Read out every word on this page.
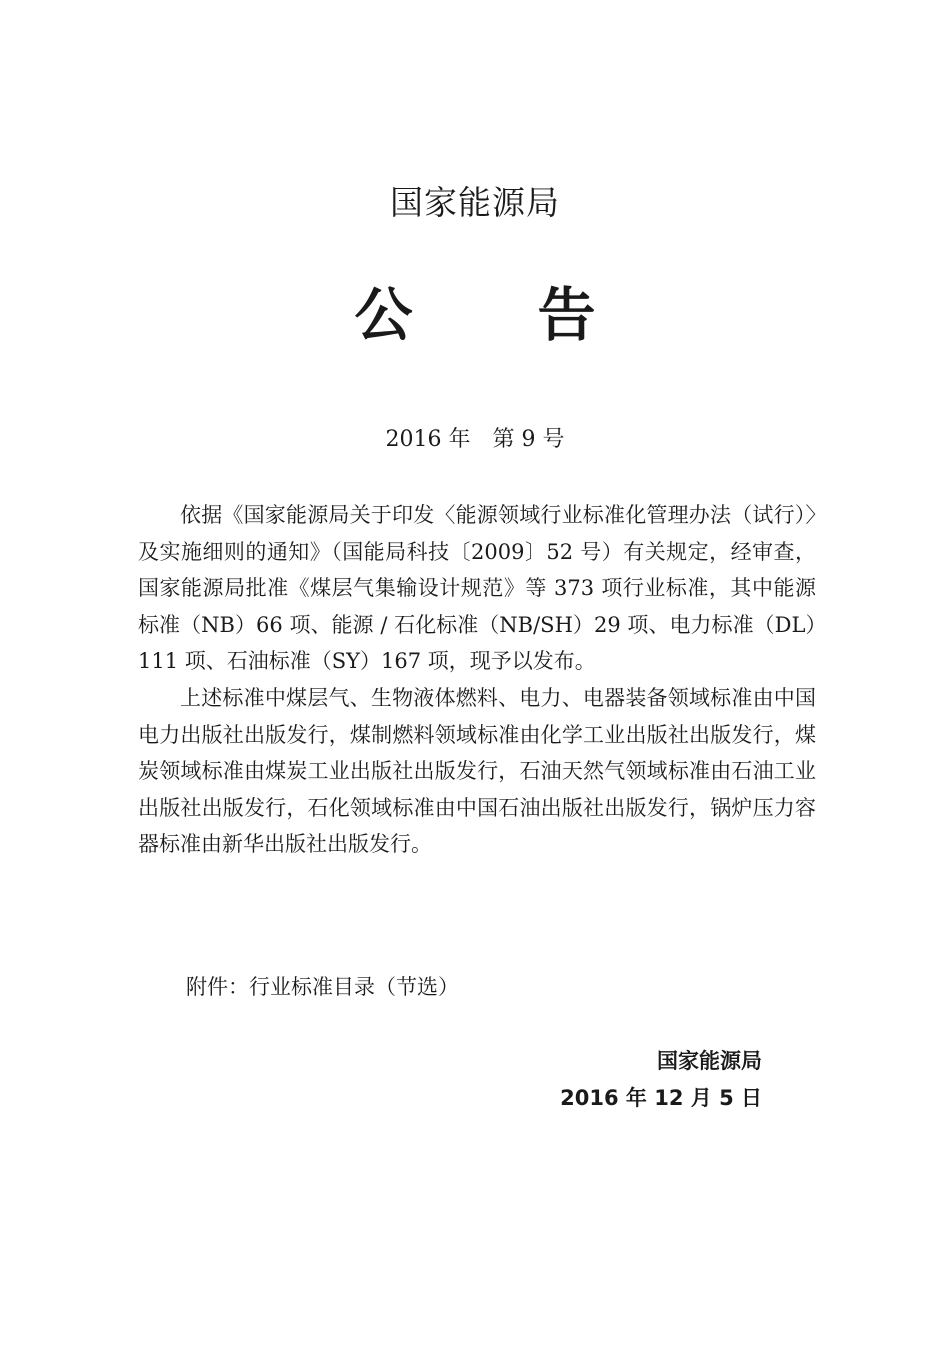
国家能源局
公 告
2016 年　第 9 号

依据《国家能源局关于印发〈能源领域行业标准化管理办法（试行）〉及实施细则的通知》（国能局科技〔2009〕52 号）有关规定，经审查，国家能源局批准《煤层气集输设计规范》等 373 项行业标准，其中能源标准（NB）66 项、能源 / 石化标准（NB/SH）29 项、电力标准（DL）111 项、石油标准（SY）167 项，现予以发布。

上述标准中煤层气、生物液体燃料、电力、电器装备领域标准由中国电力出版社出版发行，煤制燃料领域标准由化学工业出版社出版发行，煤炭领域标准由煤炭工业出版社出版发行，石油天然气领域标准由石油工业出版社出版发行，石化领域标准由中国石油出版社出版发行，锅炉压力容器标准由新华出版社出版发行。

附件：行业标准目录（节选）
国家能源局
2016 年 12 月 5 日
